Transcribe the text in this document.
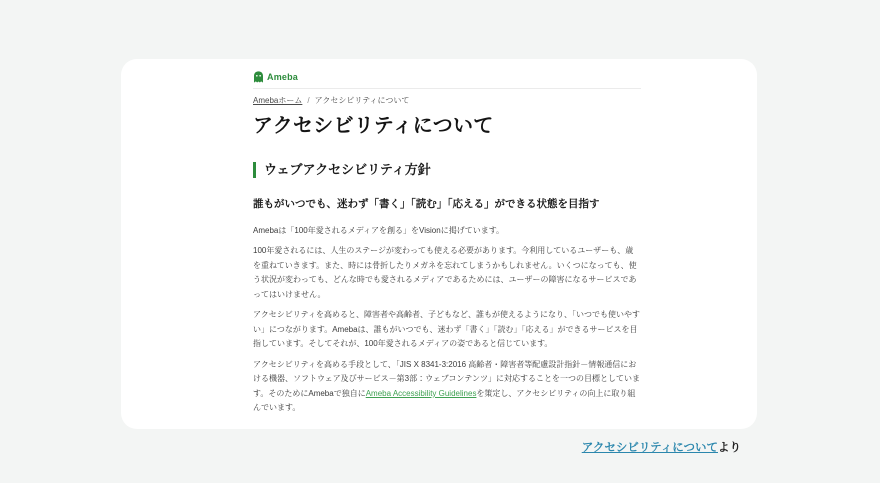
Ameba
Amebaホーム / アクセシビリティについて
アクセシビリティについて
ウェブアクセシビリティ方針
誰もがいつでも、迷わず「書く」「読む」「応える」ができる状態を目指す

Amebaは「100年愛されるメディアを創る」をVisionに掲げています。

100年愛されるには、人生のステージが変わっても使える必要があります。今利用しているユーザーも、歳を重ねていきます。また、時には骨折したりメガネを忘れてしまうかもしれません。いくつになっても、使う状況が変わっても、どんな時でも愛されるメディアであるためには、ユーザーの障害になるサービスであってはいけません。

アクセシビリティを高めると、障害者や高齢者、子どもなど、誰もが使えるようになり、「いつでも使いやすい」につながります。Amebaは、誰もがいつでも、迷わず「書く」「読む」「応える」ができるサービスを目指しています。そしてそれが、100年愛されるメディアの姿であると信じています。

アクセシビリティを高める手段として、「JIS X 8341-3:2016 高齢者・障害者等配慮設計指針－情報通信における機器、ソフトウェア及びサービス－第3部：ウェブコンテンツ」に対応することを一つの目標としています。そのためにAmebaで独自にAmeba Accessibility Guidelinesを策定し、アクセシビリティの向上に取り組んでいます。

アクセシビリティについてより
